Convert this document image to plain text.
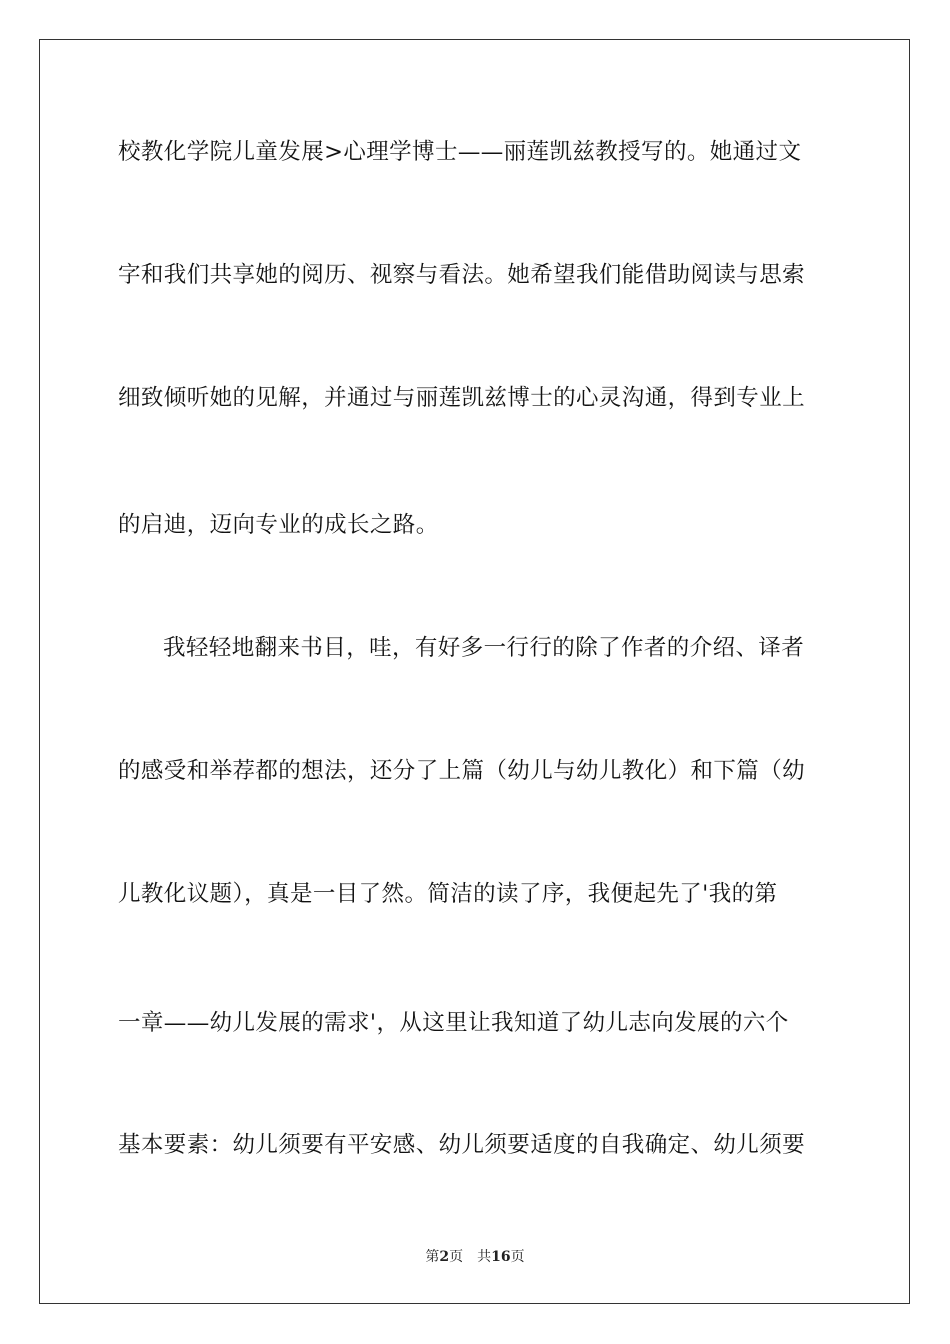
校教化学院儿童发展>心理学博士——丽莲凯兹教授写的。她通过文
字和我们共享她的阅历、视察与看法。她希望我们能借助阅读与思索
细致倾听她的见解，并通过与丽莲凯兹博士的心灵沟通，得到专业上
的启迪，迈向专业的成长之路。
我轻轻地翻来书目，哇，有好多一行行的除了作者的介绍、译者
的感受和举荐都的想法，还分了上篇（幼儿与幼儿教化）和下篇（幼
儿教化议题），真是一目了然。简洁的读了序，我便起先了'我的第
一章——幼儿发展的需求'，从这里让我知道了幼儿志向发展的六个
基本要素：幼儿须要有平安感、幼儿须要适度的自我确定、幼儿须要
第2页 共16页
